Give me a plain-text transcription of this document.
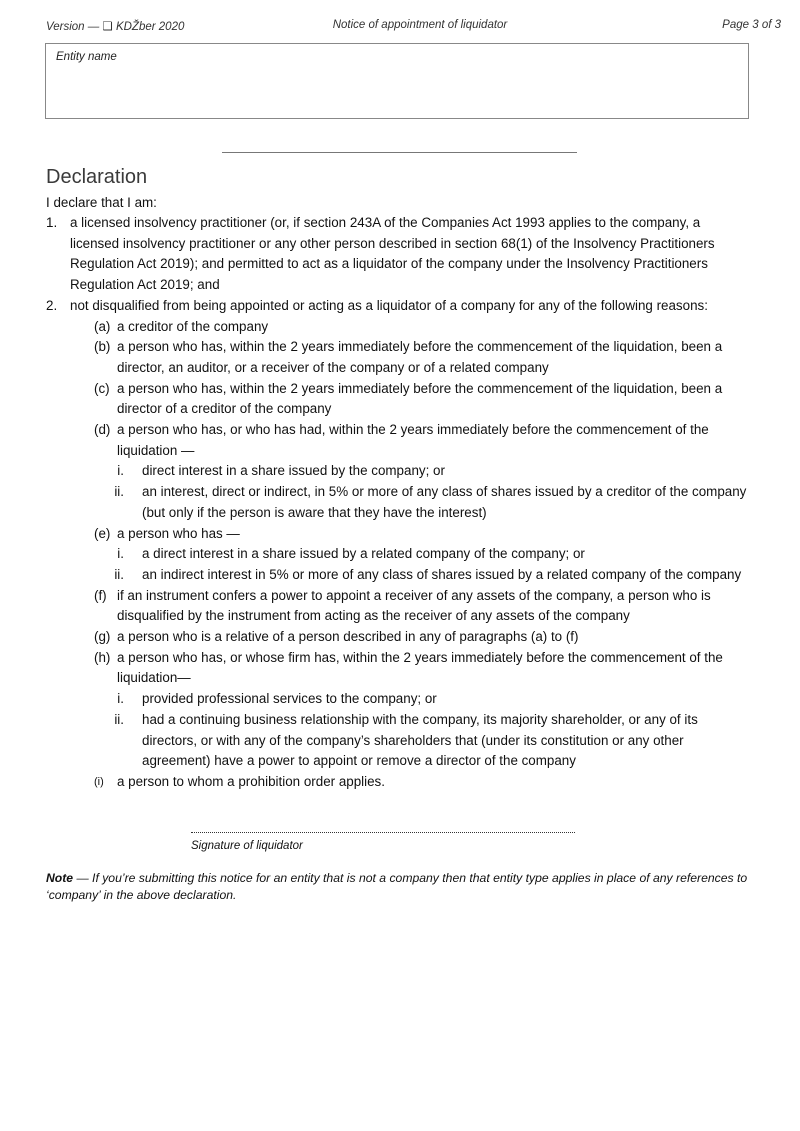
Version — ❑ KDŽber 2020	Notice of appointment of liquidator	Page 3 of 3
Entity name
Declaration
I declare that I am:
1. a licensed insolvency practitioner (or, if section 243A of the Companies Act 1993 applies to the company, a licensed insolvency practitioner or any other person described in section 68(1) of the Insolvency Practitioners Regulation Act 2019); and permitted to act as a liquidator of the company under the Insolvency Practitioners Regulation Act 2019; and
2. not disqualified from being appointed or acting as a liquidator of a company for any of the following reasons:
(a) a creditor of the company
(b) a person who has, within the 2 years immediately before the commencement of the liquidation, been a director, an auditor, or a receiver of the company or of a related company
(c) a person who has, within the 2 years immediately before the commencement of the liquidation, been a director of a creditor of the company
(d) a person who has, or who has had, within the 2 years immediately before the commencement of the liquidation —
i. direct interest in a share issued by the company; or
ii. an interest, direct or indirect, in 5% or more of any class of shares issued by a creditor of the company (but only if the person is aware that they have the interest)
(e) a person who has —
i. a direct interest in a share issued by a related company of the company; or
ii. an indirect interest in 5% or more of any class of shares issued by a related company of the company
(f) if an instrument confers a power to appoint a receiver of any assets of the company, a person who is disqualified by the instrument from acting as the receiver of any assets of the company
(g) a person who is a relative of a person described in any of paragraphs (a) to (f)
(h) a person who has, or whose firm has, within the 2 years immediately before the commencement of the liquidation—
i. provided professional services to the company; or
ii. had a continuing business relationship with the company, its majority shareholder, or any of its directors, or with any of the company’s shareholders that (under its constitution or any other agreement) have a power to appoint or remove a director of the company
(i) a person to whom a prohibition order applies.
Signature of liquidator
Note — If you’re submitting this notice for an entity that is not a company then that entity type applies in place of any references to ‘company’ in the above declaration.
